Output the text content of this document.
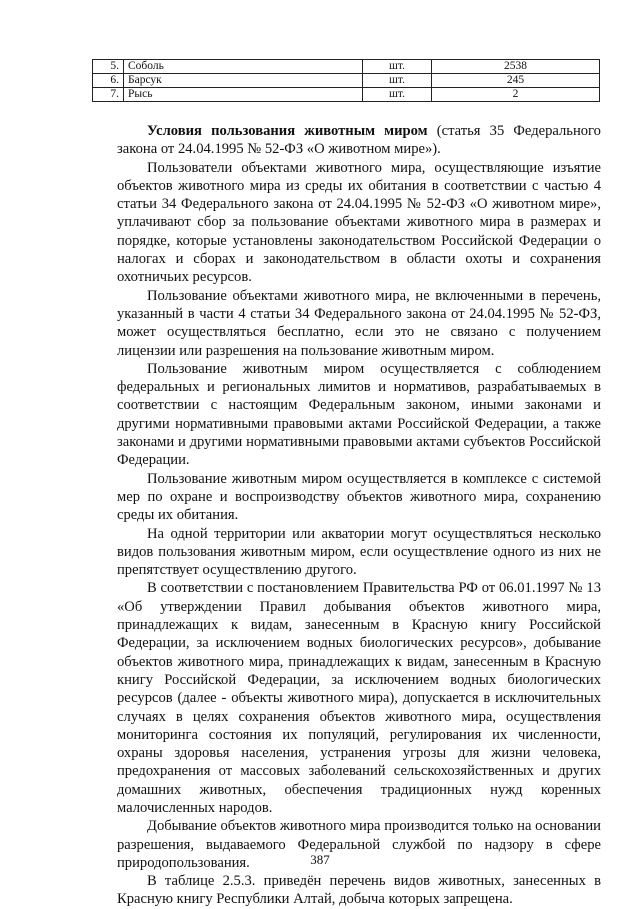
5.	Соболь	шт.	2538
6.	Барсук	шт.	245
7.	Рысь	шт.	2

Условия пользования животным миром (статья 35 Федерального закона от 24.04.1995 № 52-ФЗ «О животном мире»).

Пользователи объектами животного мира, осуществляющие изъятие объектов животного мира из среды их обитания в соответствии с частью 4 статьи 34 Федерального закона от 24.04.1995 № 52-ФЗ «О животном мире», уплачивают сбор за пользование объектами животного мира в размерах и порядке, которые установлены законодательством Российской Федерации о налогах и сборах и законодательством в области охоты и сохранения охотничьих ресурсов.

Пользование объектами животного мира, не включенными в перечень, указанный в части 4 статьи 34 Федерального закона от 24.04.1995 № 52-ФЗ, может осуществляться бесплатно, если это не связано с получением лицензии или разрешения на пользование животным миром.

Пользование животным миром осуществляется с соблюдением федеральных и региональных лимитов и нормативов, разрабатываемых в соответствии с настоящим Федеральным законом, иными законами и другими нормативными правовыми актами Российской Федерации, а также законами и другими нормативными правовыми актами субъектов Российской Федерации.

Пользование животным миром осуществляется в комплексе с системой мер по охране и воспроизводству объектов животного мира, сохранению среды их обитания.

На одной территории или акватории могут осуществляться несколько видов пользования животным миром, если осуществление одного из них не препятствует осуществлению другого.

В соответствии с постановлением Правительства РФ от 06.01.1997 № 13 «Об утверждении Правил добывания объектов животного мира, принадлежащих к видам, занесенным в Красную книгу Российской Федерации, за исключением водных биологических ресурсов», добывание объектов животного мира, принадлежащих к видам, занесенным в Красную книгу Российской Федерации, за исключением водных биологических ресурсов (далее - объекты животного мира), допускается в исключительных случаях в целях сохранения объектов животного мира, осуществления мониторинга состояния их популяций, регулирования их численности, охраны здоровья населения, устранения угрозы для жизни человека, предохранения от массовых заболеваний сельскохозяйственных и других домашних животных, обеспечения традиционных нужд коренных малочисленных народов.

Добывание объектов животного мира производится только на основании разрешения, выдаваемого Федеральной службой по надзору в сфере природопользования.

В таблице 2.5.3. приведён перечень видов животных, занесенных в Красную книгу Республики Алтай, добыча которых запрещена.

387
